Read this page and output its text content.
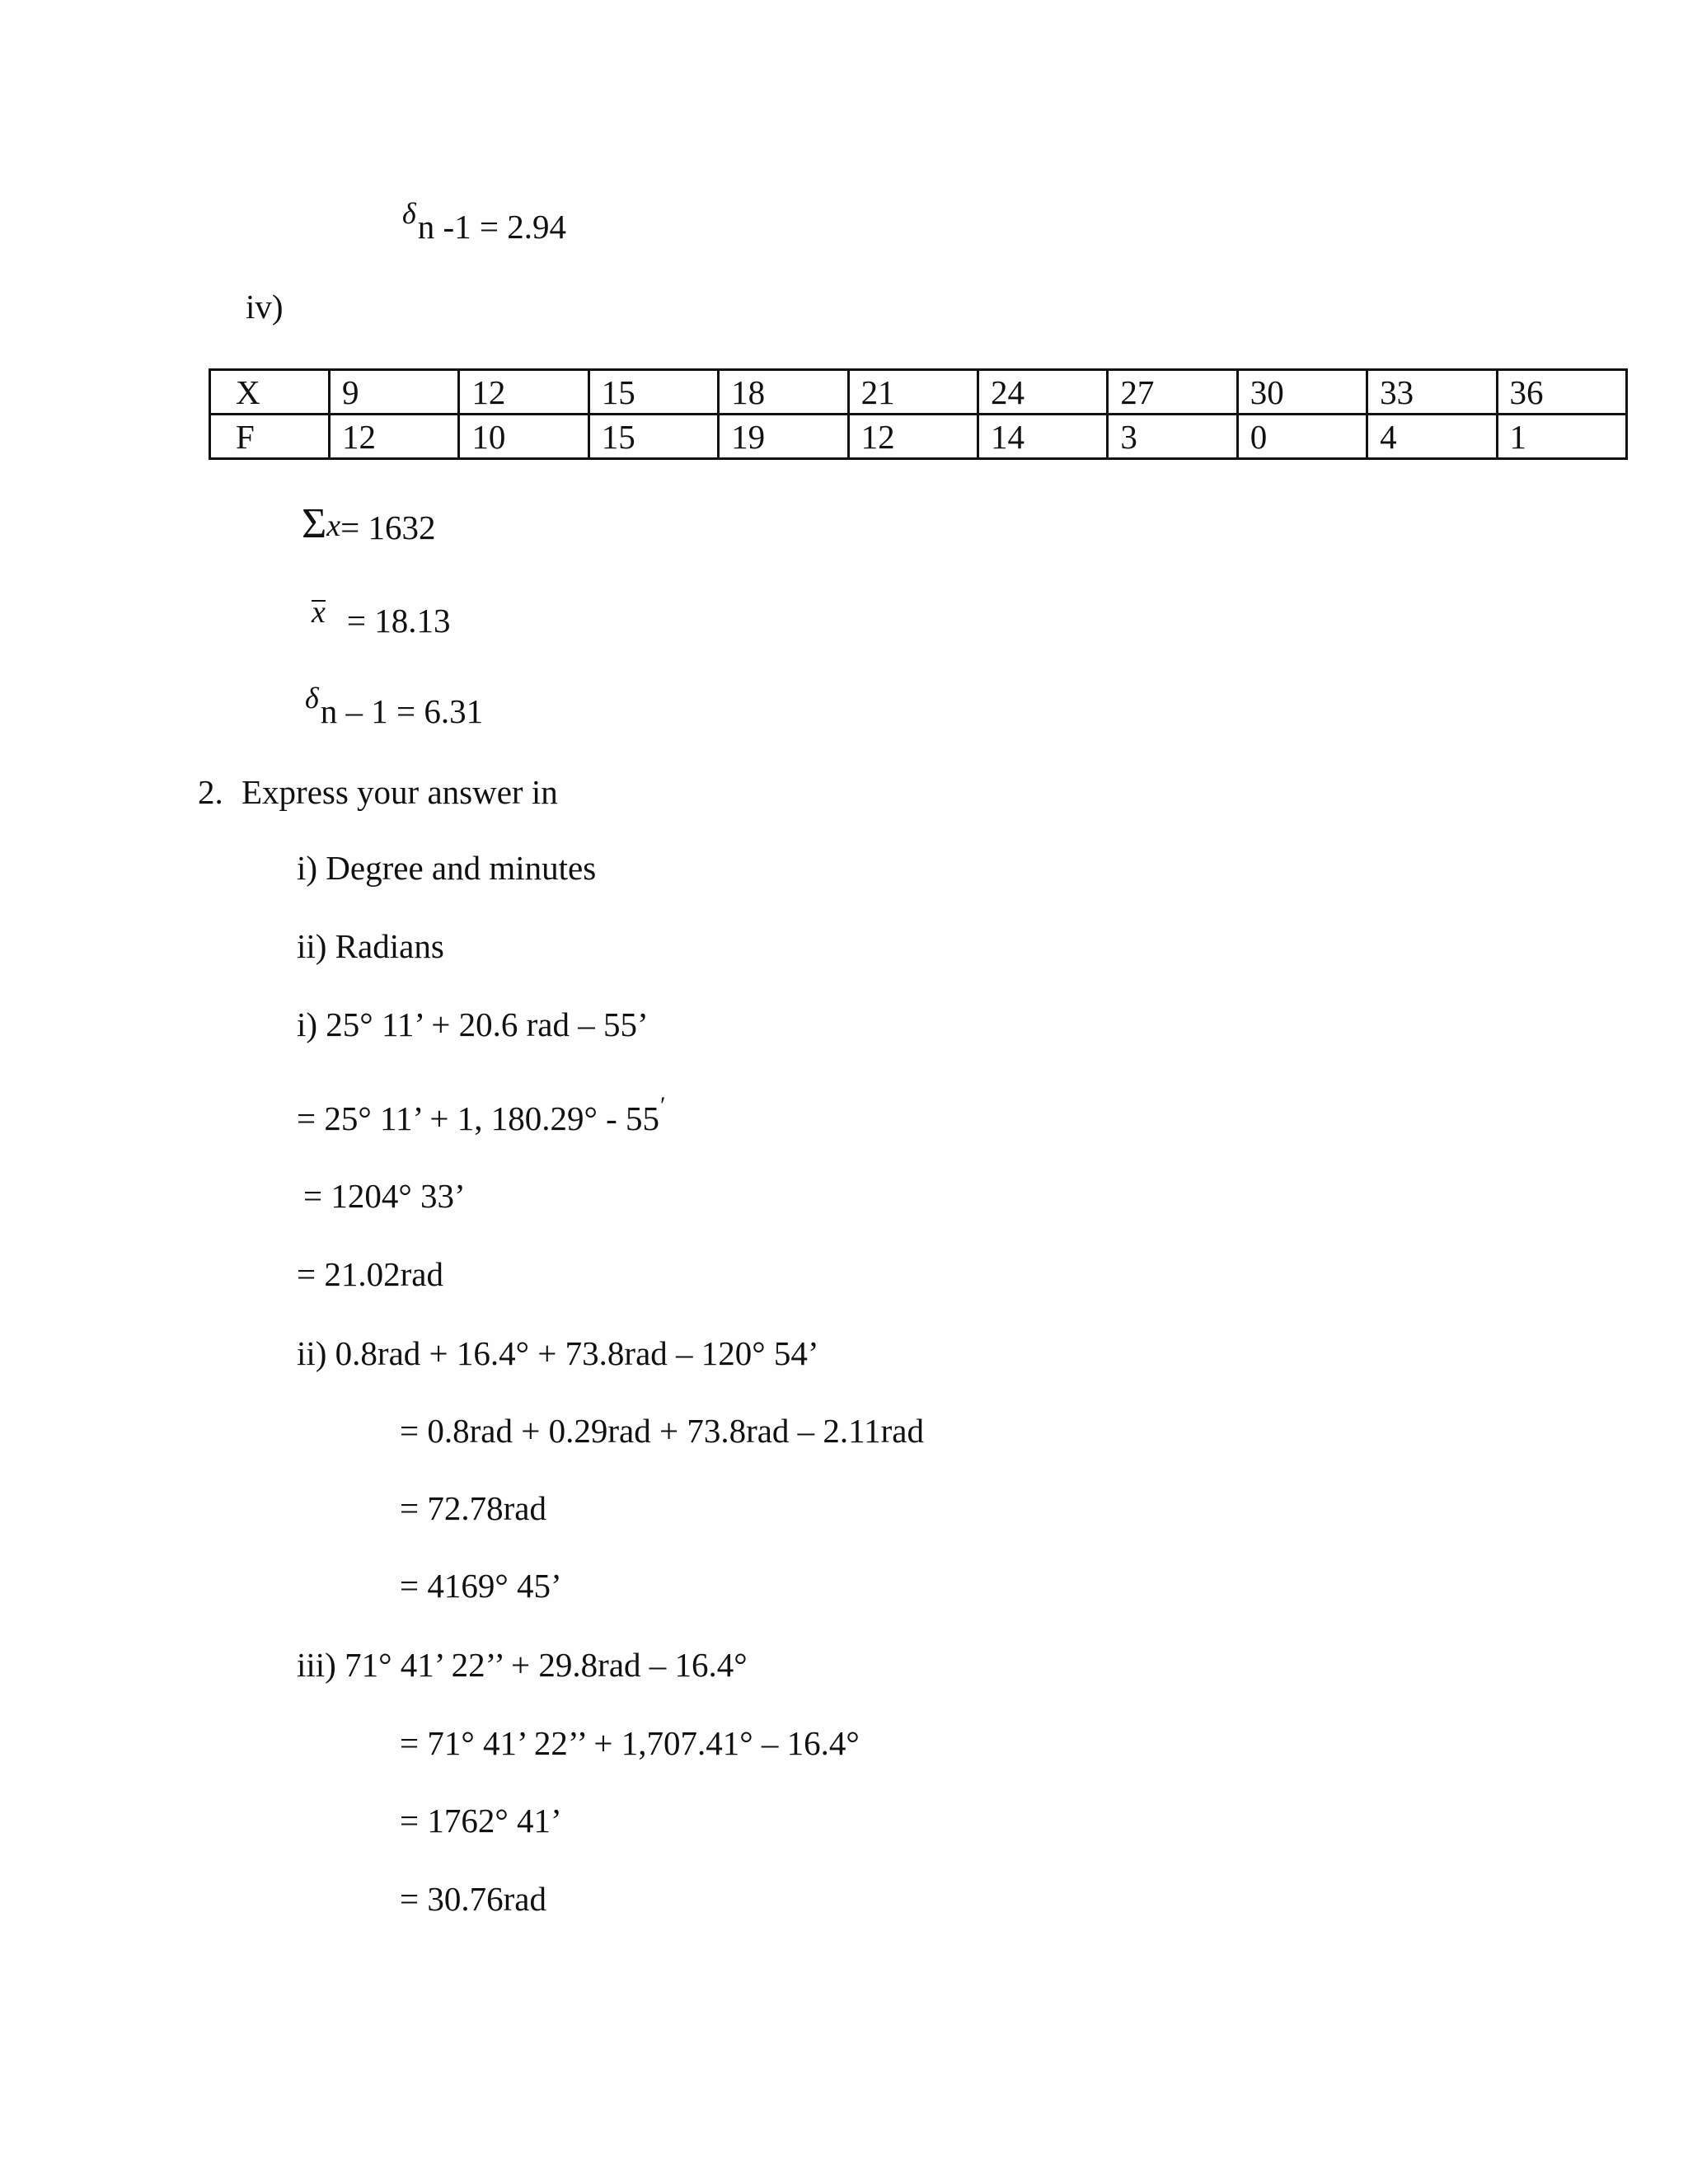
δn -1 = 2.94
iv)
X	9	12	15	18	21	24	27	30	33	36
F	12	10	15	19	12	14	3	0	4	1
Σx= 1632
x = 18.13
δn – 1 = 6.31
2. Express your answer in
i) Degree and minutes
ii) Radians
i) 25° 11’ + 20.6 rad – 55’
= 25° 11’ + 1, 180.29° - 55′
= 1204° 33’
= 21.02rad
ii) 0.8rad + 16.4° + 73.8rad – 120° 54’
= 0.8rad + 0.29rad + 73.8rad – 2.11rad
= 72.78rad
= 4169° 45’
iii) 71° 41’ 22’’ + 29.8rad – 16.4°
= 71° 41’ 22’’ + 1,707.41° – 16.4°
= 1762° 41’
= 30.76rad
